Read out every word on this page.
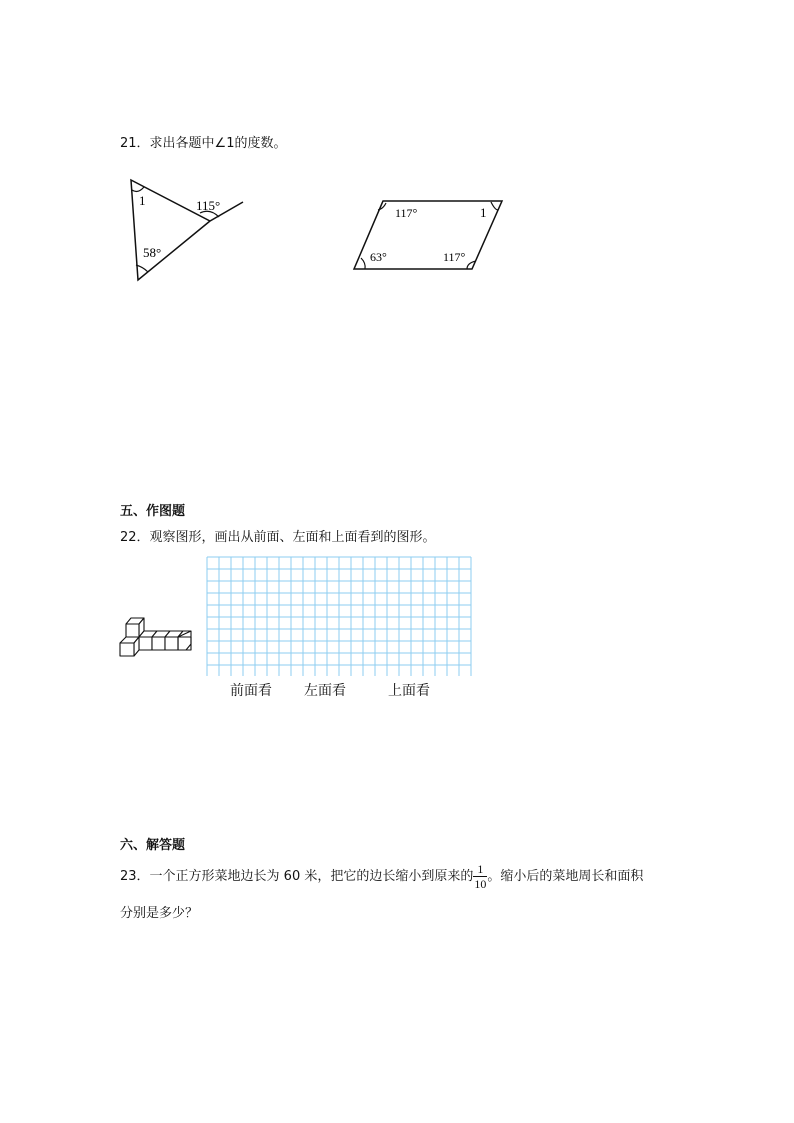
21．求出各题中∠1的度数。
1	115°
58°
117°	1
63°	117°
五、作图题
22．观察图形，画出从前面、左面和上面看到的图形。
前面看 左面看	上面看
六、解答题
23．一个正方形菜地边长为 60 米，把它的边长缩小到原来的 $\frac{1}{10}$ 。缩小后的菜地周长和面积
分别是多少？
